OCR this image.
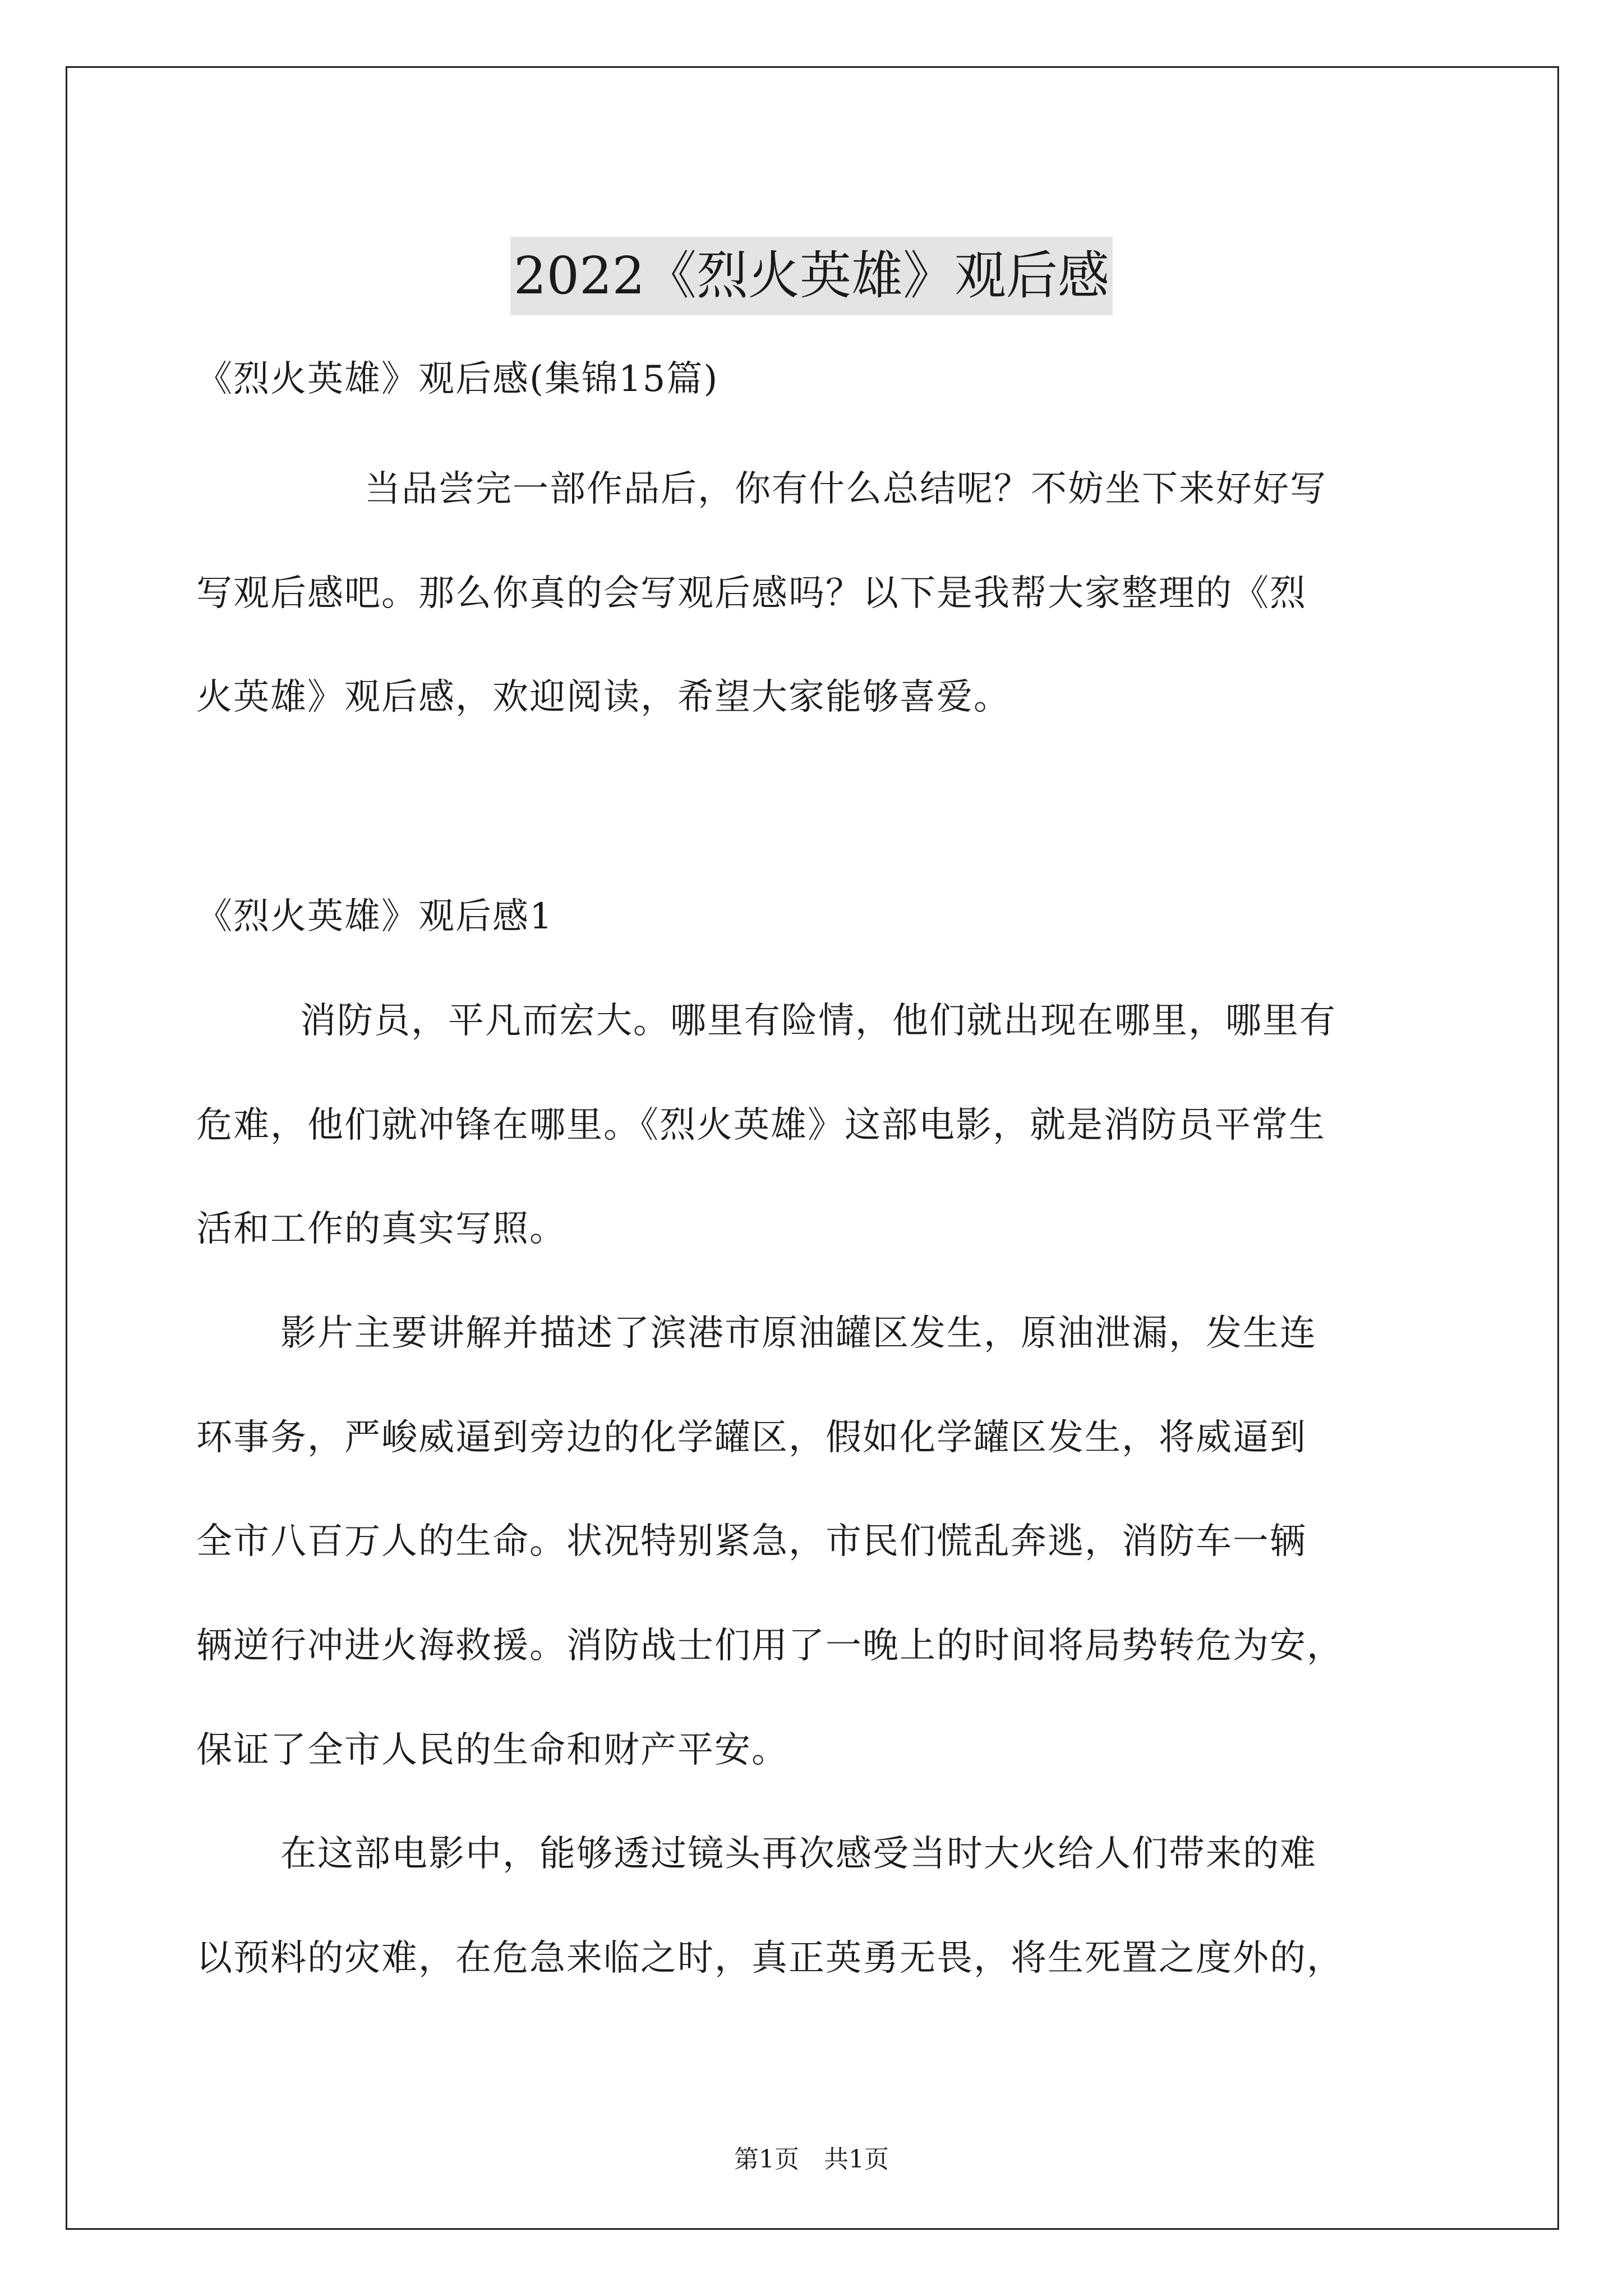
2022《烈火英雄》观后感
《烈火英雄》观后感(集锦15篇)
当品尝完一部作品后，你有什么总结呢？不妨坐下来好好写
写观后感吧。那么你真的会写观后感吗？以下是我帮大家整理的《烈
火英雄》观后感，欢迎阅读，希望大家能够喜爱。
《烈火英雄》观后感1
消防员，平凡而宏大。哪里有险情，他们就出现在哪里，哪里有
危难，他们就冲锋在哪里。《烈火英雄》这部电影，就是消防员平常生
活和工作的真实写照。
影片主要讲解并描述了滨港市原油罐区发生，原油泄漏，发生连
环事务，严峻威逼到旁边的化学罐区，假如化学罐区发生，将威逼到
全市八百万人的生命。状况特别紧急，市民们慌乱奔逃，消防车一辆
辆逆行冲进火海救援。消防战士们用了一晚上的时间将局势转危为安，
保证了全市人民的生命和财产平安。
在这部电影中，能够透过镜头再次感受当时大火给人们带来的难
以预料的灾难，在危急来临之时，真正英勇无畏，将生死置之度外的，
第1页　共1页
